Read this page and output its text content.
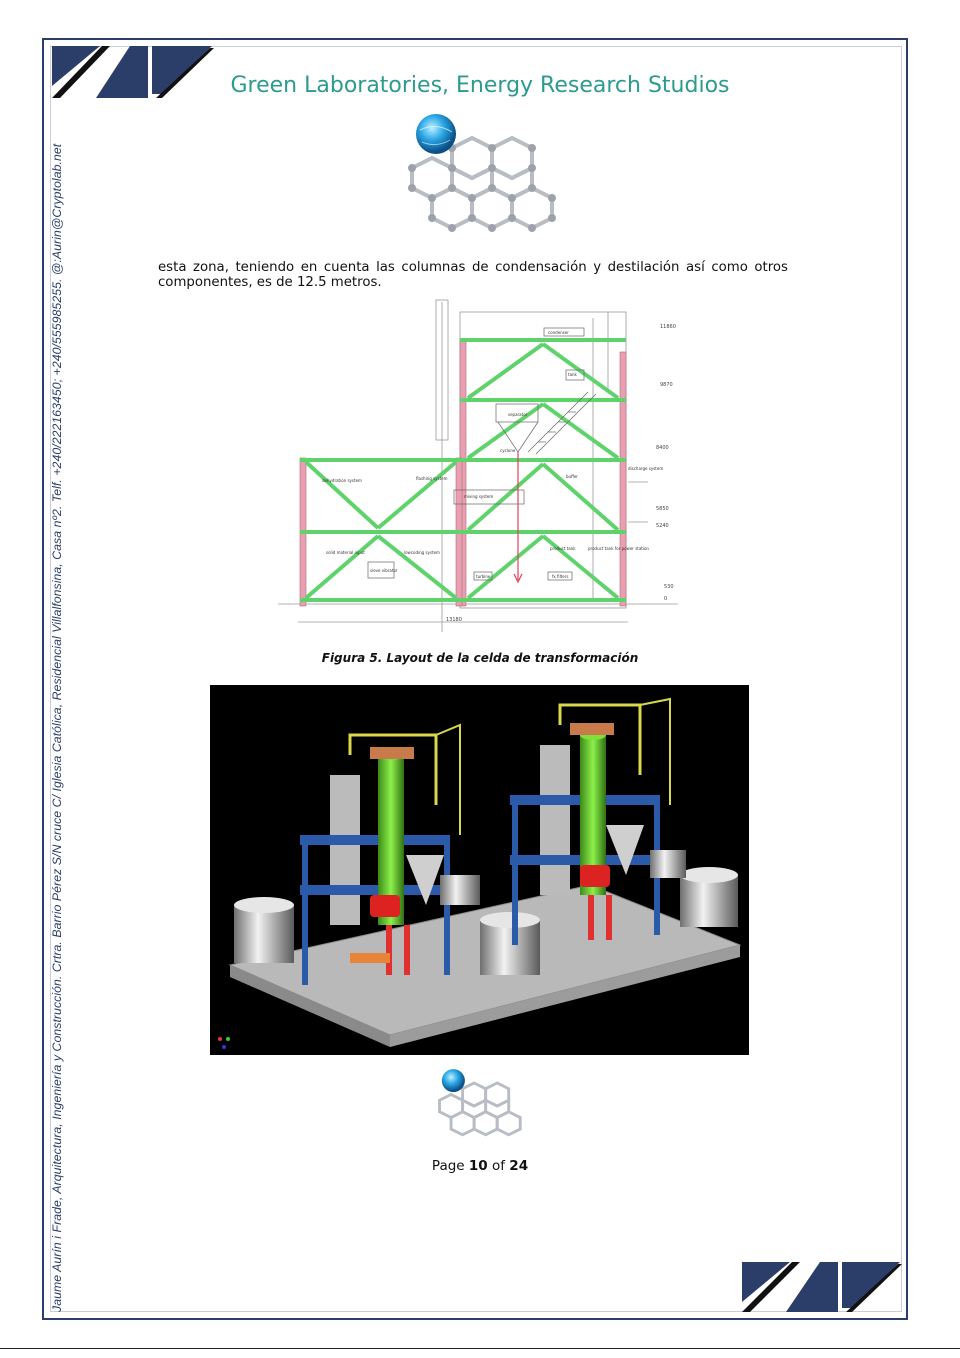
Jaume Aurín i Frade, Arquitectura, Ingeniería y Construcción. Crtra. Barrio Pérez S/N cruce C/ Iglesia Católica, Residencial Villalfonsina, Casa nº2. Telf. +240/222163450; +240/555985255. @:Aurin@Cryptolab.net
Green Laboratories, Energy Research Studios
esta zona, teniendo en cuenta las columnas de condensación y destilación así como otros componentes, es de 12.5 metros.
11860
9870
8400
5850
5240
530
0
13180
condenser
tank
separator
cyclone
discharge system
dehydration system	flashing system
mixing system
buffer
solid material input	lowcoding system
sieve vibrator
product tank
turbine	fx filters
product tank for power station
Figura 5. Layout de la celda de transformación
Page 10 of 24
